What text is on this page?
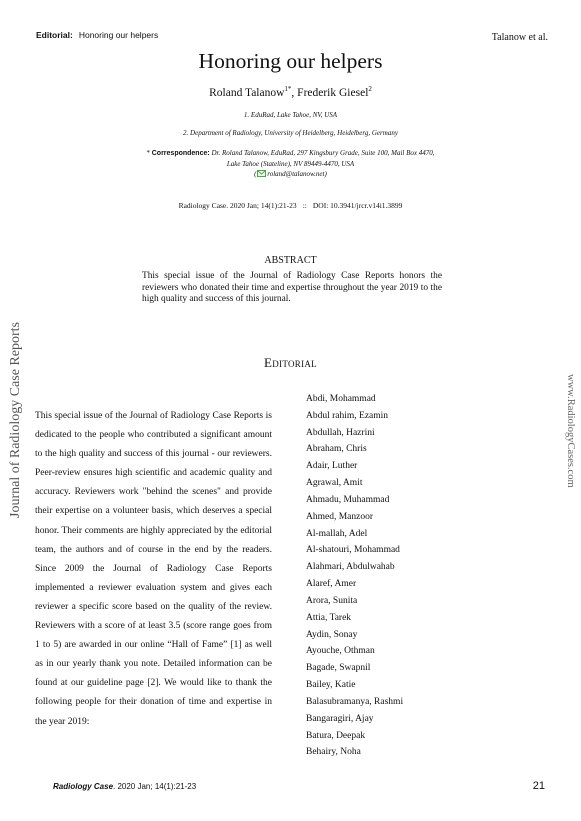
Editorial: Honoring our helpers	Talanow et al.
Honoring our helpers
Roland Talanow$^{1*}$, Frederik Giesel$^2$
1. EduRad, Lake Tahoe, NV, USA
2. Department of Radiology, University of Heidelberg, Heidelberg, Germany
* Correspondence: Dr. Roland Talanow, EduRad, 297 Kingsbury Grade, Suite 100, Mail Box 4470,
Lake Tahoe (Stateline), NV 89449-4470, USA
( roland@talanow.net)
Radiology Case. 2020 Jan; 14(1):21-23 :: DOI: 10.3941/jrcr.v14i1.3899
ABSTRACT
This special issue of the Journal of Radiology Case Reports honors the reviewers who donated their time and expertise throughout the year 2019 to the high quality and success of this journal.
Journal of Radiology Case Reports	www.RadiologyCases.com
Editorial
This special issue of the Journal of Radiology Case Reports is dedicated to the people who contributed a significant amount to the high quality and success of this journal - our reviewers. Peer-review ensures high scientific and academic quality and accuracy. Reviewers work "behind the scenes" and provide their expertise on a volunteer basis, which deserves a special honor. Their comments are highly appreciated by the editorial team, the authors and of course in the end by the readers. Since 2009 the Journal of Radiology Case Reports implemented a reviewer evaluation system and gives each reviewer a specific score based on the quality of the review. Reviewers with a score of at least 3.5 (score range goes from 1 to 5) are awarded in our online “Hall of Fame” [1] as well as in our yearly thank you note. Detailed information can be found at our guideline page [2]. We would like to thank the following people for their donation of time and expertise in the year 2019:
Abdi, Mohammad
Abdul rahim, Ezamin
Abdullah, Hazrini
Abraham, Chris
Adair, Luther
Agrawal, Amit
Ahmadu, Muhammad
Ahmed, Manzoor
Al-mallah, Adel
Al-shatouri, Mohammad
Alahmari, Abdulwahab
Alaref, Amer
Arora, Sunita
Attia, Tarek
Aydin, Sonay
Ayouche, Othman
Bagade, Swapnil
Bailey, Katie
Balasubramanya, Rashmi
Bangaragiri, Ajay
Batura, Deepak
Behairy, Noha
Radiology Case. 2020 Jan; 14(1):21-23	21
